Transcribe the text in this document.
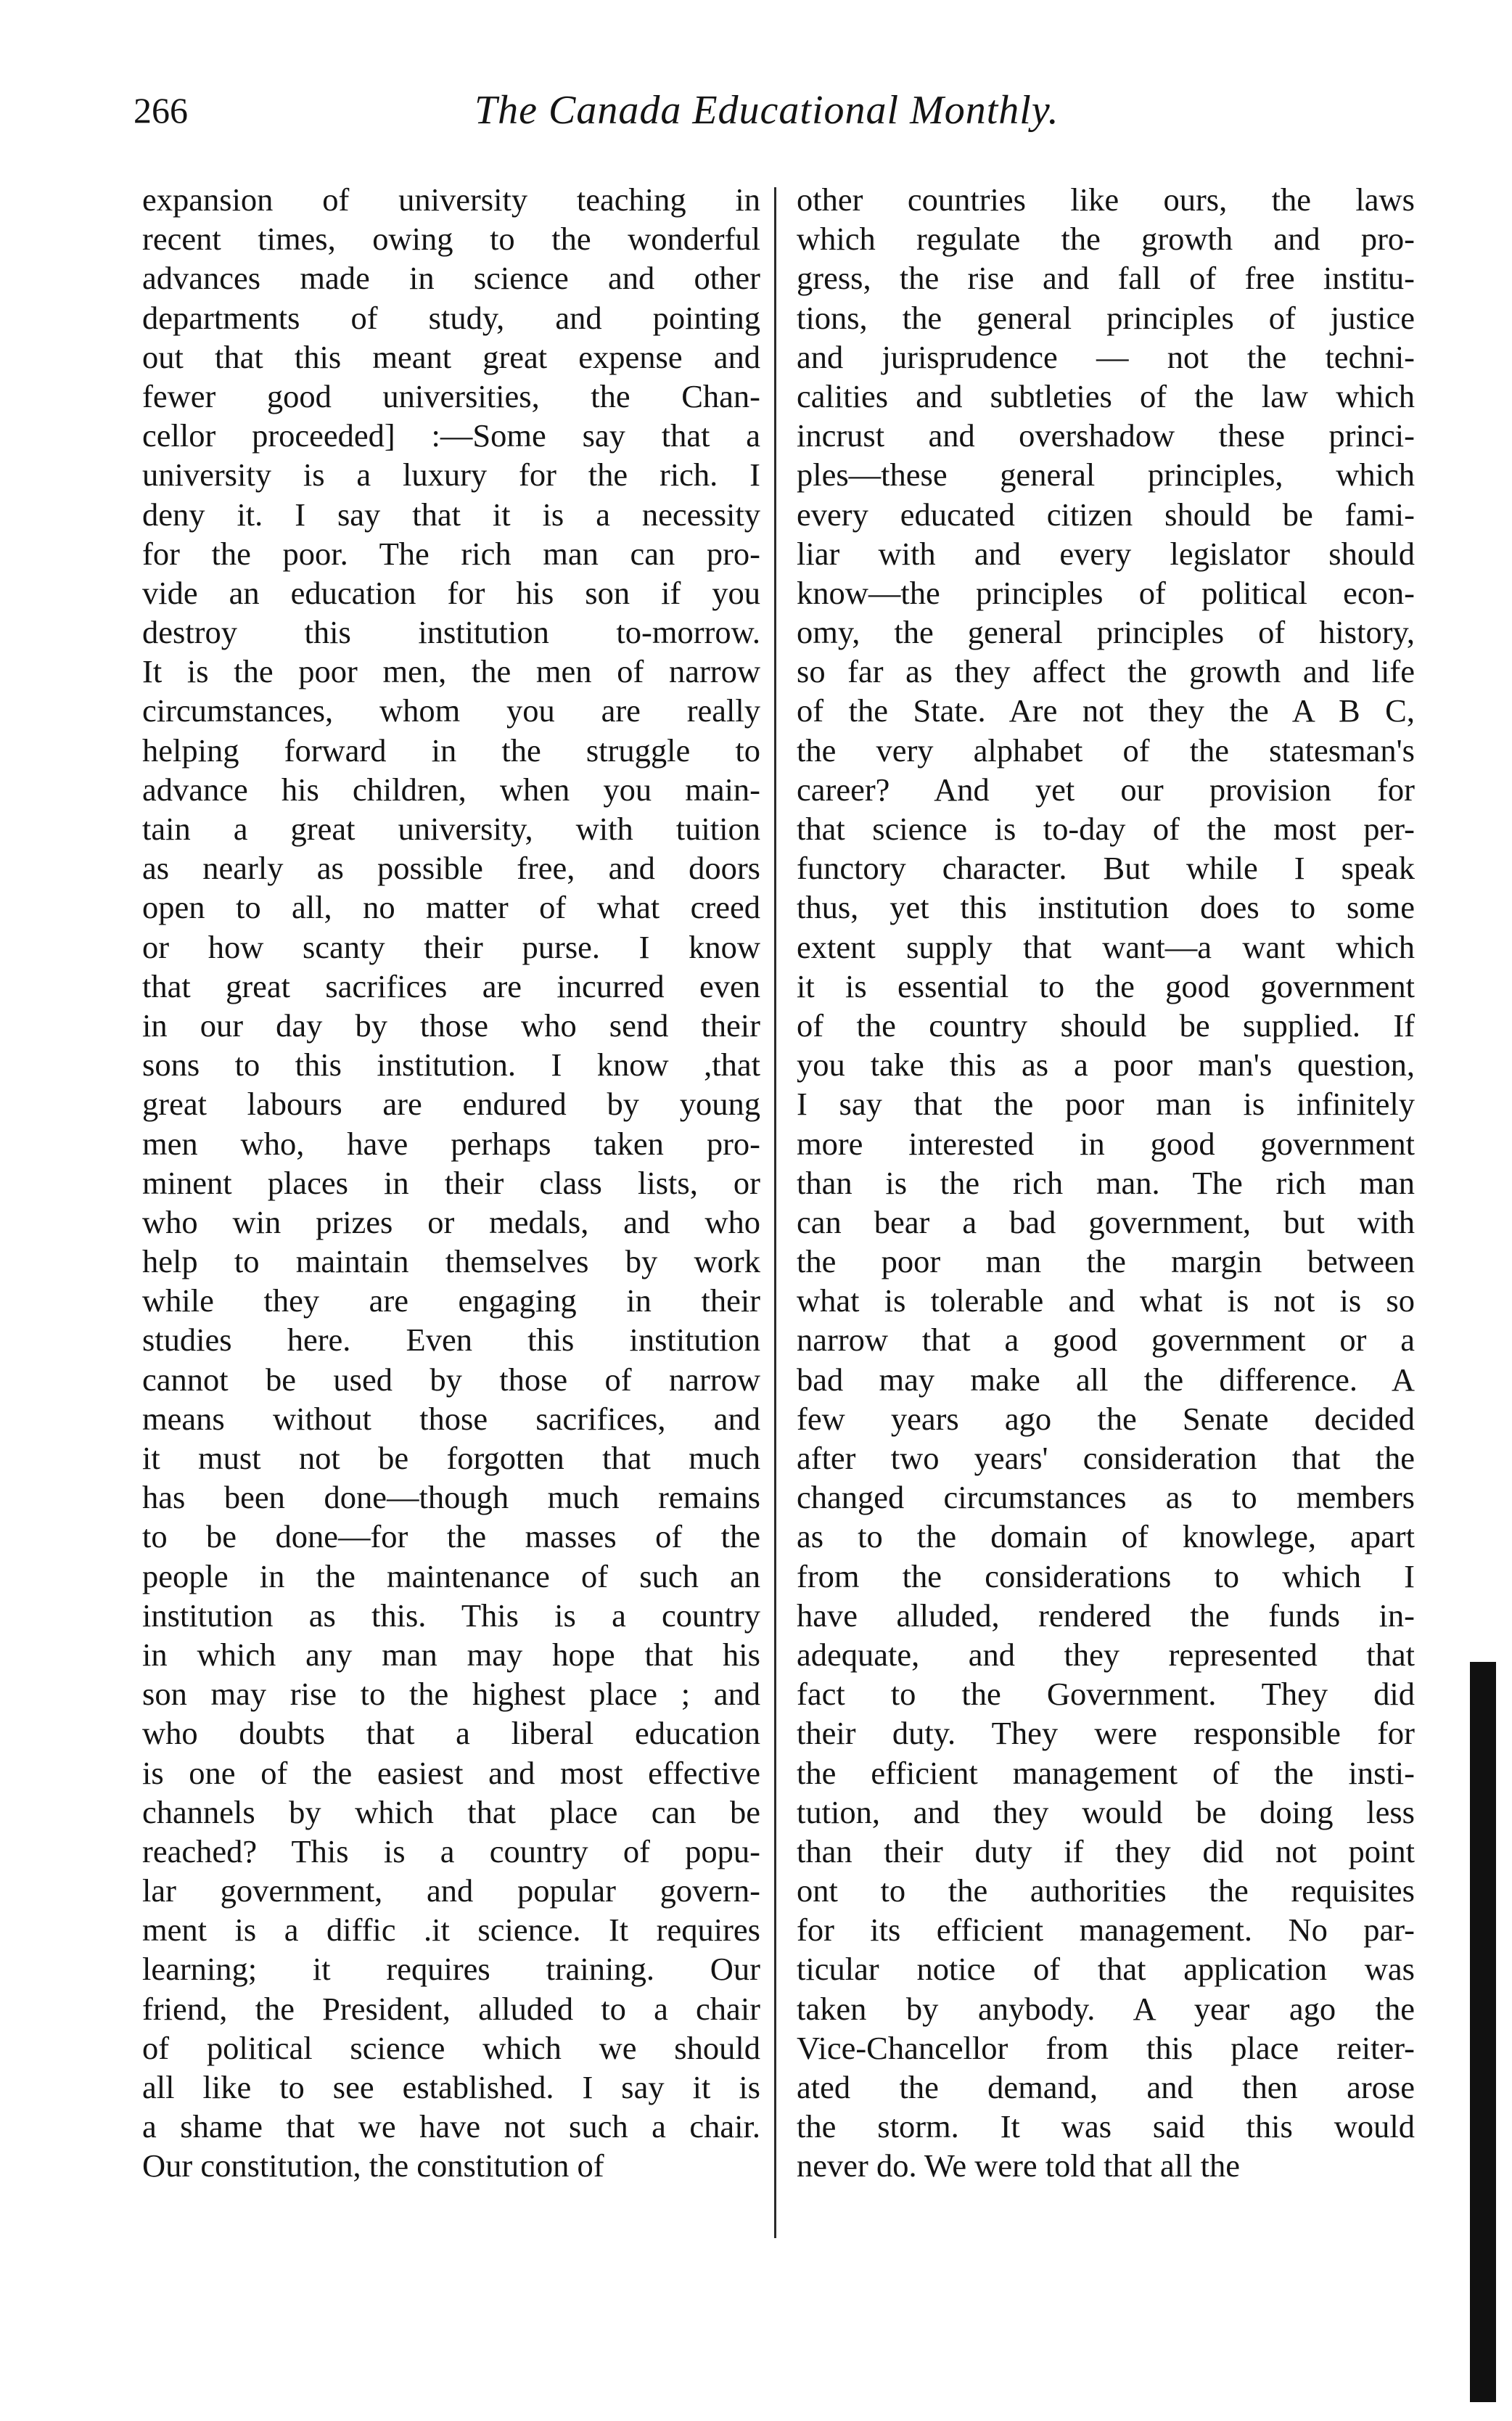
266	The Canada Educational Monthly.
expansion of university teaching in
recent times, owing to the wonderful
advances made in science and other
departments of study, and pointing
out that this meant great expense and
fewer good universities, the Chan-
cellor proceeded] :—Some say that a
university is a luxury for the rich. I
deny it. I say that it is a necessity
for the poor. The rich man can pro-
vide an education for his son if you
destroy this institution to-morrow.
It is the poor men, the men of narrow
circumstances, whom you are really
helping forward in the struggle to
advance his children, when you main-
tain a great university, with tuition
as nearly as possible free, and doors
open to all, no matter of what creed
or how scanty their purse. I know
that great sacrifices are incurred even
in our day by those who send their
sons to this institution. I know ,that
great labours are endured by young
men who, have perhaps taken pro-
minent places in their class lists, or
who win prizes or medals, and who
help to maintain themselves by work
while they are engaging in their
studies here. Even this institution
cannot be used by those of narrow
means without those sacrifices, and
it must not be forgotten that much
has been done—though much remains
to be done—for the masses of the
people in the maintenance of such an
institution as this. This is a country
in which any man may hope that his
son may rise to the highest place ; and
who doubts that a liberal education
is one of the easiest and most effective
channels by which that place can be
reached? This is a country of popu-
lar government, and popular govern-
ment is a diffic .it science. It requires
learning; it requires training. Our
friend, the President, alluded to a chair
of political science which we should
all like to see established. I say it is
a shame that we have not such a chair.
Our constitution, the constitution of
other countries like ours, the laws
which regulate the growth and pro-
gress, the rise and fall of free institu-
tions, the general principles of justice
and jurisprudence — not the techni-
calities and subtleties of the law which
incrust and overshadow these princi-
ples—these general principles, which
every educated citizen should be fami-
liar with and every legislator should
know—the principles of political econ-
omy, the general principles of history,
so far as they affect the growth and life
of the State. Are not they the A B C,
the very alphabet of the statesman's
career? And yet our provision for
that science is to-day of the most per-
functory character. But while I speak
thus, yet this institution does to some
extent supply that want—a want which
it is essential to the good government
of the country should be supplied. If
you take this as a poor man's question,
I say that the poor man is infinitely
more interested in good government
than is the rich man. The rich man
can bear a bad government, but with
the poor man the margin between
what is tolerable and what is not is so
narrow that a good government or a
bad may make all the difference. A
few years ago the Senate decided
after two years' consideration that the
changed circumstances as to members
as to the domain of knowlege, apart
from the considerations to which I
have alluded, rendered the funds in-
adequate, and they represented that
fact to the Government. They did
their duty. They were responsible for
the efficient management of the insti-
tution, and they would be doing less
than their duty if they did not point
ont to the authorities the requisites
for its efficient management. No par-
ticular notice of that application was
taken by anybody. A year ago the
Vice-Chancellor from this place reiter-
ated the demand, and then arose
the storm. It was said this would
never do. We were told that all the
